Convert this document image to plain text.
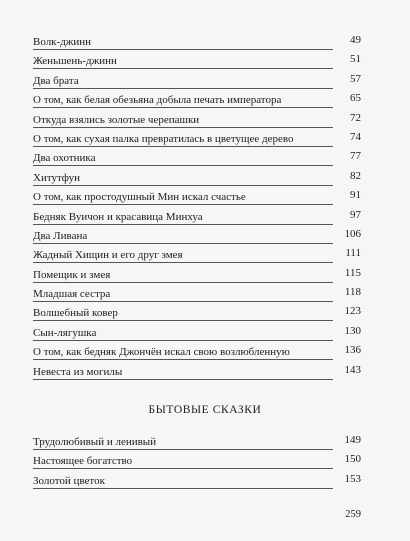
Волк-джинн	49
Женьшень-джинн	51
Два брата	57
О том, как белая обезьяна добыла печать императора	65
Откуда взялись золотые черепашки	72
О том, как сухая палка превратилась в цветущее дерево	74
Два охотника	77
Хитутфун	82
О том, как простодушный Мин искал счастье	91
Бедняк Вуичон и красавица Минхуа	97
Два Ливана	106
Жадный Хищин и его друг змея	111
Помещик и змея	115
Младшая сестра	118
Волшебный ковер	123
Сын-лягушка	130
О том, как бедняк Джончён искал свою возлюбленную	136
Невеста из могилы	143
БЫТОВЫЕ СКАЗКИ
Трудолюбивый и ленивый	149
Настоящее богатство	150
Золотой цветок	153
259
